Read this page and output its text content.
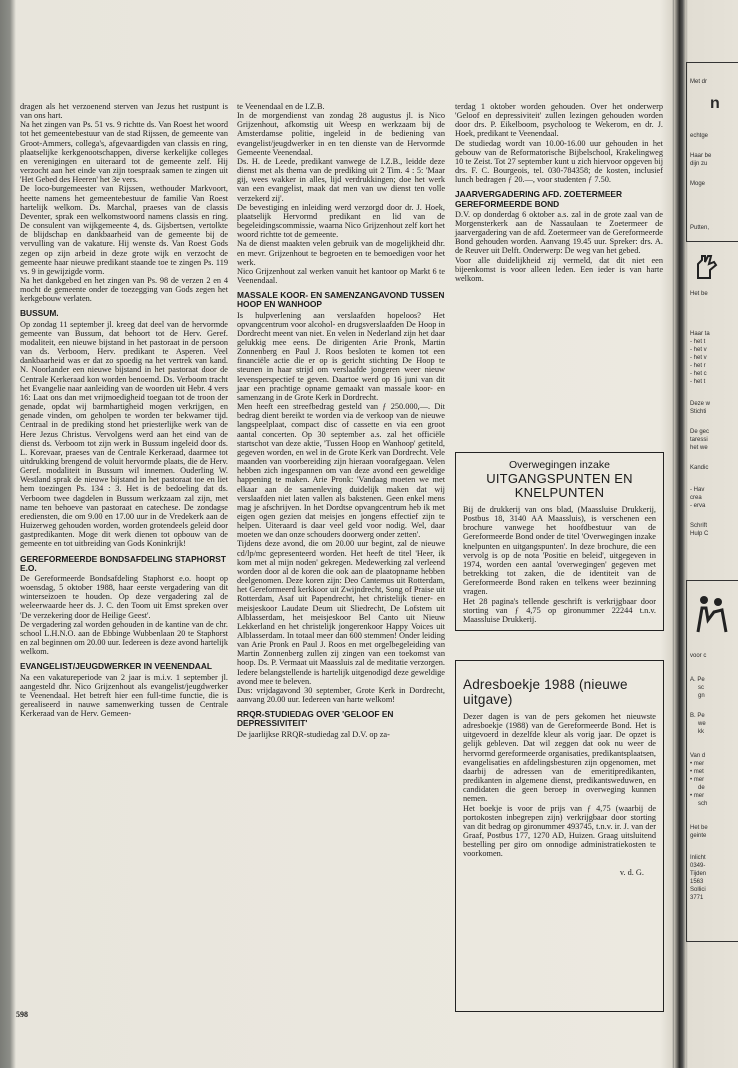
dragen als het verzoenend sterven van Jezus het rustpunt is van ons hart.

Na het zingen van Ps. 51 vs. 9 richtte ds. Van Roest het woord tot het gemeentebestuur van de stad Rijssen, de gemeente van Groot-Ammers, collega's, afgevaardigden van classis en ring, plaatselijke kerkgenootschappen, diverse kerkelijke colleges en verenigingen en uiteraard tot de gemeente zelf. Hij verzocht aan het einde van zijn toespraak samen te zingen uit 'Het Gebed des Heeren' het 3e vers.

De loco-burgemeester van Rijssen, wethouder Markvoort, heette namens het gemeentebestuur de familie Van Roest hartelijk welkom. Ds. Marchal, praeses van de classis Deventer, sprak een welkomstwoord namens classis en ring. De consulent van wijkgemeente 4, ds. Gijsbertsen, vertolkte de blijdschap en dankbaarheid van de gemeente bij de vervulling van de vakature. Hij wenste ds. Van Roest Gods zegen op zijn arbeid in deze grote wijk en verzocht de gemeente haar nieuwe predikant staande toe te zingen Ps. 119 vs. 9 in gewijzigde vorm.

Na het dankgebed en het zingen van Ps. 98 de verzen 2 en 4 mocht de gemeente onder de toezegging van Gods zegen het kerkgebouw verlaten.

BUSSUM.

Op zondag 11 september jl. kreeg dat deel van de hervormde gemeente van Bussum, dat behoort tot de Herv. Geref. modaliteit, een nieuwe bijstand in het pastoraat in de persoon van ds. Verboom, Herv. predikant te Asperen. Veel dankbaarheid was er dat zo spoedig na het vertrek van kand. N. Noorlander een nieuwe bijstand in het pastoraat door de Centrale Kerkeraad kon worden benoemd. Ds. Verboom tracht het Evangelie naar aanleiding van de woorden uit Hebr. 4 vers 16: Laat ons dan met vrijmoedigheid toegaan tot de troon der genade, opdat wij barmhartigheid mogen verkrijgen, en genade vinden, om geholpen te worden ter bekwamer tijd. Centraal in de prediking stond het priesterlijke werk van de Here Jezus Christus. Vervolgens werd aan het eind van de dienst ds. Verboom tot zijn werk in Bussum ingeleid door ds. L. Korevaar, praeses van de Centrale Kerkeraad, daarmee tot uitdrukking brengend de voluit hervormde plaats, die de Herv. Geref. modaliteit in Bussum wil innemen. Ouderling W. Westland sprak de nieuwe bijstand in het pastoraat toe en liet hem toezingen Ps. 134 : 3. Het is de bedoeling dat ds. Verboom twee dagdelen in Bussum werkzaam zal zijn, met name ten behoeve van pastoraat en catechese. De zondagse erediensten, die om 9.00 en 17.00 uur in de Vredekerk aan de Huizerweg gehouden worden, worden grotendeels geleid door gastpredikanten. Moge dit werk dienen tot opbouw van de gemeente en tot uitbreiding van Gods Koninkrijk!

GEREFORMEERDE BONDSAFDELING STAPHORST E.O.

De Gereformeerde Bondsafdeling Staphorst e.o. hoopt op woensdag, 5 oktober 1988, haar eerste vergadering van dit winterseizoen te houden. Op deze vergadering zal de weleerwaarde heer ds. J. C. den Toom uit Emst spreken over 'De verzekering door de Heilige Geest'.

De vergadering zal worden gehouden in de kantine van de chr. school L.H.N.O. aan de Ebbinge Wubbenlaan 20 te Staphorst en zal beginnen om 20.00 uur. Iedereen is deze avond hartelijk welkom.

EVANGELIST/JEUGDWERKER IN VEENENDAAL

Na een vakatureperiode van 2 jaar is m.i.v. 1 september jl. aangesteld dhr. Nico Grijzenhout als evangelist/jeugdwerker te Veenendaal. Het betreft hier een full-time functie, die is gerealiseerd in nauwe samenwerking tussen de Centrale Kerkeraad van de Herv. Gemeen-

te Veenendaal en de I.Z.B.

In de morgendienst van zondag 28 augustus jl. is Nico Grijzenhout, afkomstig uit Weesp en werkzaam bij de Amsterdamse politie, ingeleid in de bediening van evangelist/jeugdwerker in en ten dienste van de Hervormde Gemeente Veenendaal.

Ds. H. de Leede, predikant vanwege de I.Z.B., leidde deze dienst met als thema van de prediking uit 2 Tim. 4 : 5: 'Maar gij, wees wakker in alles, lijd verdrukkingen; doe het werk van een evangelist, maak dat men van uw dienst ten volle verzekerd zij'.

De bevestiging en inleiding werd verzorgd door dr. J. Hoek, plaatselijk Hervormd predikant en lid van de begeleidingscommissie, waarna Nico Grijzenhout zelf kort het woord richtte tot de gemeente.

Na de dienst maakten velen gebruik van de mogelijkheid dhr. en mevr. Grijzenhout te begroeten en te bemoedigen voor het werk.

Nico Grijzenhout zal werken vanuit het kantoor op Markt 6 te Veenendaal.

MASSALE KOOR- EN SAMENZANGAVOND TUSSEN HOOP EN WANHOOP

Is hulpverlening aan verslaafden hopeloos? Het opvangcentrum voor alcohol- en drugsverslaafden De Hoop in Dordrecht meent van niet. En velen in Nederland zijn het daar gelukkig mee eens. De dirigenten Arie Pronk, Martin Zonnenberg en Paul J. Roos besloten te komen tot een financiële actie die er op is gericht stichting De Hoop te steunen in haar strijd om verslaafde jongeren weer nieuw levensperspectief te geven. Daartoe werd op 16 juni van dit jaar een prachtige opname gemaakt van massale koor- en samenzang in de Grote Kerk in Dordrecht.

Men heeft een streefbedrag gesteld van ƒ 250.000,—. Dit bedrag dient bereikt te worden via de verkoop van de nieuwe langspeelplaat, compact disc of cassette en via een groot aantal concerten. Op 30 september a.s. zal het officiële startschot van deze aktie, 'Tussen Hoop en Wanhoop' getiteld, gegeven worden, en wel in de Grote Kerk van Dordrecht. Vele maanden van voorbereiding zijn hieraan voorafgegaan. Velen hebben zich ingespannen om van deze avond een geweldige happening te maken. Arie Pronk: 'Vandaag moeten we met elkaar aan de samenleving duidelijk maken dat wij verslaafden niet laten vallen als bakstenen. Geen enkel mens mag je afschrijven. In het Dordtse opvangcentrum heb ik met eigen ogen gezien dat meisjes en jongens effectief zijn te helpen. Uiteraard is daar veel geld voor nodig. Wel, daar moeten we dan onze schouders doorwerg onder zetten'.

Tijdens deze avond, die om 20.00 uur begint, zal de nieuwe cd/lp/mc gepresenteerd worden. Het heeft de titel 'Heer, ik kom met al mijn noden' gekregen. Medewerking zal verleend worden door al de koren die ook aan de plaatopname hebben deelgenomen. Deze koren zijn: Deo Cantemus uit Rotterdam, het Gereformeerd kerkkoor uit Zwijndrecht, Song of Praise uit Rotterdam, Asaf uit Papendrecht, het christelijk tiener- en meisjeskoor Laudate Deum uit Sliedrecht, De Lofstem uit Alblasserdam, het meisjeskoor Bel Canto uit Nieuw Lekkerland en het christelijk jongerenkoor Happy Voices uit Alblasserdam. In totaal meer dan 600 stemmen! Onder leiding van Arie Pronk en Paul J. Roos en met orgelbegeleiding van Martin Zonnenberg zullen zij zingen van een toekomst van hoop. Ds. P. Vermaat uit Maassluis zal de meditatie verzorgen. Iedere belangstellende is hartelijk uitgenodigd deze geweldige avond mee te beleven.

Dus: vrijdagavond 30 september, Grote Kerk in Dordrecht, aanvang 20.00 uur. Iedereen van harte welkom!

RRQR-STUDIEDAG OVER 'GELOOF EN DEPRESSIVITEIT'

De jaarlijkse RRQR-studiedag zal D.V. op za-

terdag 1 oktober worden gehouden. Over het onderwerp 'Geloof en depressiviteit' zullen lezingen gehouden worden door drs. P. Eikelboom, psycholoog te Wekerom, en dr. J. Hoek, predikant te Veenendaal.

De studiedag wordt van 10.00-16.00 uur gehouden in het gebouw van de Reformatorische Bijbelschool, Krakelingweg 10 te Zeist. Tot 27 september kunt u zich hiervoor opgeven bij drs. F. C. Bourgeois, tel. 030-784358; de kosten, inclusief lunch bedragen ƒ 20.—, voor studenten ƒ 7.50.

JAARVERGADERING AFD. ZOETERMEER GEREFORMEERDE BOND

D.V. op donderdag 6 oktober a.s. zal in de grote zaal van de Morgensterkerk aan de Nassaulaan te Zoetermeer de jaarvergadering van de afd. Zoetermeer van de Gereformeerde Bond gehouden worden. Aanvang 19.45 uur. Spreker: drs. A. de Reuver uit Delft. Onderwerp: De weg van het gebed.

Voor alle duidelijkheid zij vermeld, dat dit niet een bijeenkomst is voor alleen leden. Een ieder is van harte welkom.

Overwegingen inzake
UITGANGSPUNTEN EN KNELPUNTEN

Bij de drukkerij van ons blad, (Maassluise Drukkerij, Postbus 18, 3140 AA Maassluis), is verschenen een brochure vanwege het hoofdbestuur van de Gereformeerde Bond onder de titel 'Overwegingen inzake knelpunten en uitgangspunten'. In deze brochure, die een vervolg is op de nota 'Positie en beleid', uitgegeven in 1974, worden een aantal 'overwegingen' gegeven met betrekking tot zaken, die de identiteit van de Gereformeerde Bond raken en telkens weer bezinning vragen.

Het 28 pagina's tellende geschrift is verkrijgbaar door storting van ƒ 4,75 op gironummer 22244 t.n.v. Maassluise Drukkerij.

Adresboekje 1988 (nieuwe uitgave)

Dezer dagen is van de pers gekomen het nieuwste adresboekje (1988) van de Gereformeerde Bond. Het is uitgevoerd in dezelfde kleur als vorig jaar. De opzet is gelijk gebleven. Dat wil zeggen dat ook nu weer de hervormd gereformeerde organisaties, predikantsplaatsen, evangelisaties en afdelingsbesturen zijn opgenomen, met daarbij de adressen van de emeritipredikanten, predikanten in algemene dienst, predikantsweduwen, en candidaten die geen beroep in overweging kunnen nemen.

Het boekje is voor de prijs van ƒ 4,75 (waarbij de portokosten inbegrepen zijn) verkrijgbaar door storting van dit bedrag op gironummer 493745, t.n.v. ir. J. van der Graaf, Postbus 177, 1270 AD, Huizen. Graag uitsluitend bestelling per giro om onnodige administratiekosten te voorkomen.

v. d. G.
598
Met dr
n
echtge
Haar be
dijn zu
Moge
Putten,
Het be
Haar ta
- het t
- het v
- het v
- het r
- het c
- het t
Deze w
Stichti
De gec
taressi
het we
Kandic
- Hav
crea
- erva
Schrift
Hulp C
voor c
A. Pe
sc
gn
B. Pe
we
kk
Van d
• mer
• met
• mer
de
• mer
sch
Het be
geinte
Inlicht
0349-
Tijden
1563
Sollici
3771
